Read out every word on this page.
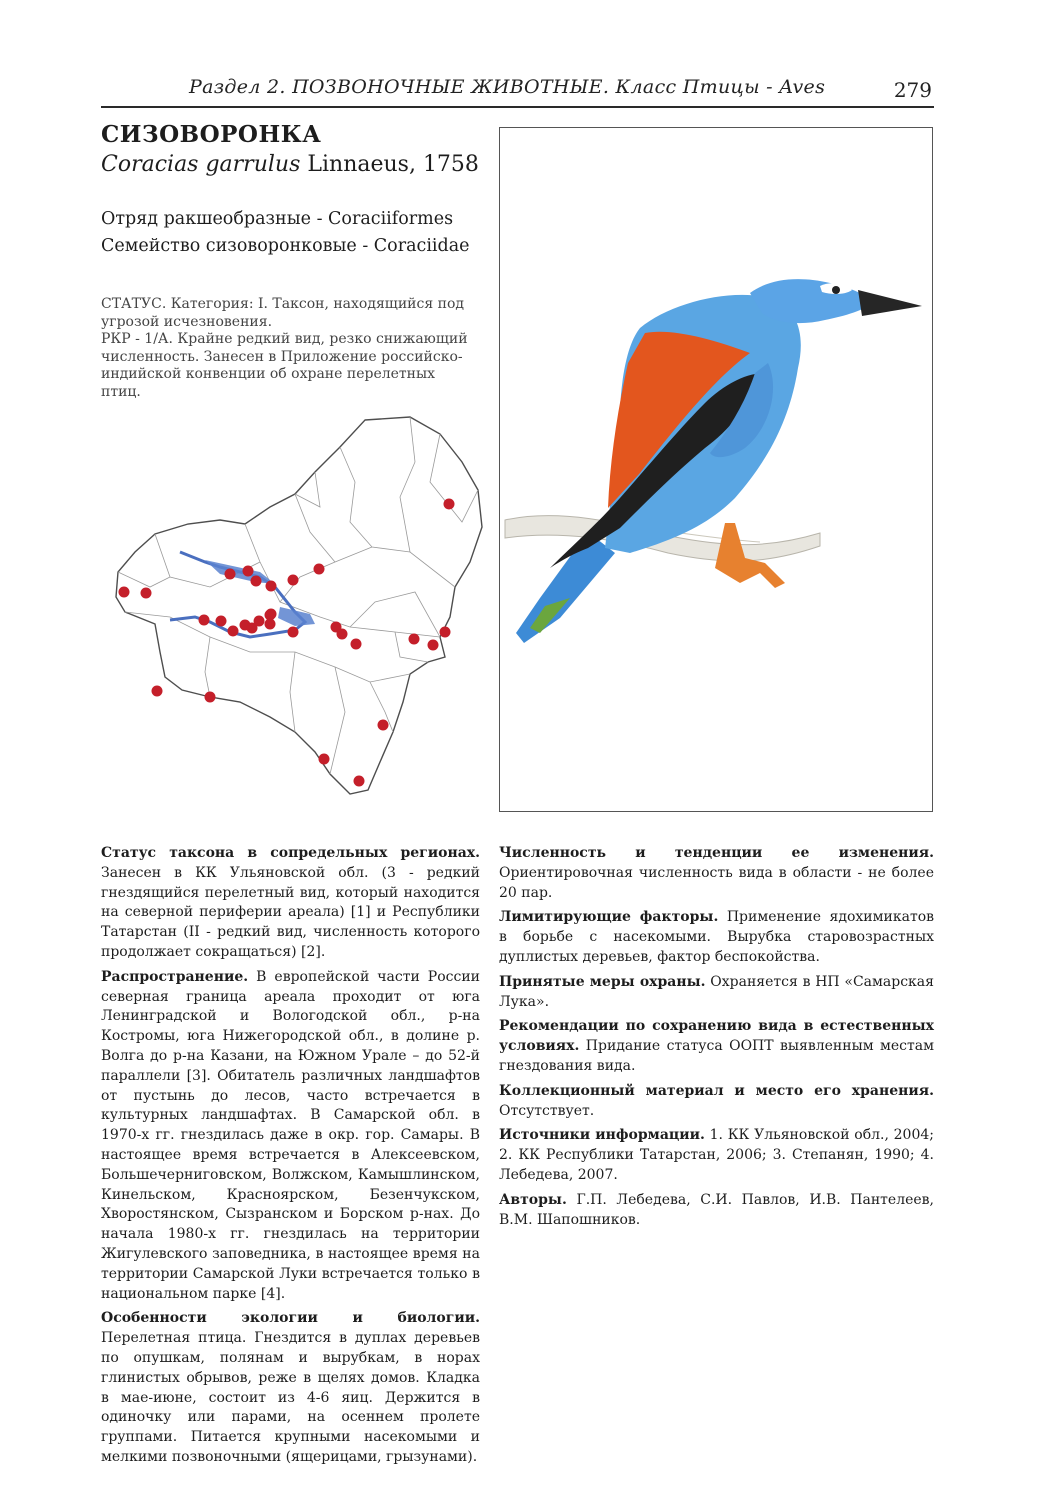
Раздел 2. ПОЗВОНОЧНЫЕ ЖИВОТНЫЕ. Класс Птицы - Aves	279
СИЗОВОРОНКА
Coracias garrulus Linnaeus, 1758
Отряд ракшеобразные - Coraciiformes
Семейство сизоворонковые - Coraciidae
СТАТУС. Категория: I. Таксон, находящийся под угрозой исчезновения.
РКР - 1/А. Крайне редкий вид, резко снижающий численность. Занесен в Приложение российско-индийской конвенции об охране перелетных птиц.

Статус таксона в сопредельных регионах. Занесен в КК Ульяновской обл. (3 - редкий гнездящийся перелетный вид, который находится на северной периферии ареала) [1] и Республики Татарстан (II - редкий вид, численность которого продолжает сокращаться) [2].

Распространение. В европейской части России северная граница ареала проходит от юга Ленинградской и Вологодской обл., р-на Костромы, юга Нижегородской обл., в долине р. Волга до р-на Казани, на Южном Урале – до 52-й параллели [3]. Обитатель различных ландшафтов от пустынь до лесов, часто встречается в культурных ландшафтах. В Самарской обл. в 1970-х гг. гнездилась даже в окр. гор. Самары. В настоящее время встречается в Алексеевском, Большечерниговском, Волжском, Камышлинском, Кинельском, Красноярском, Безенчукском, Хворостянском, Сызранском и Борском р-нах. До начала 1980-х гг. гнездилась на территории Жигулевского заповедника, в настоящее время на территории Самарской Луки встречается только в национальном парке [4].

Особенности экологии и биологии. Перелетная птица. Гнездится в дуплах деревьев по опушкам, полянам и вырубкам, в норах глинистых обрывов, реже в щелях домов. Кладка в мае-июне, состоит из 4-6 яиц. Держится в одиночку или парами, на осеннем пролете группами. Питается крупными насекомыми и мелкими позвоночными (ящерицами, грызунами).

Численность и тенденции ее изменения. Ориентировочная численность вида в области - не более 20 пар.

Лимитирующие факторы. Применение ядохимикатов в борьбе с насекомыми. Вырубка старовозрастных дуплистых деревьев, фактор беспокойства.

Принятые меры охраны. Охраняется в НП «Самарская Лука».

Рекомендации по сохранению вида в естественных условиях. Придание статуса ООПТ выявленным местам гнездования вида.

Коллекционный материал и место его хранения. Отсутствует.

Источники информации. 1. КК Ульяновской обл., 2004; 2. КК Республики Татарстан, 2006; 3. Степанян, 1990; 4. Лебедева, 2007.

Авторы. Г.П. Лебедева, С.И. Павлов, И.В. Пантелеев, В.М. Шапошников.
